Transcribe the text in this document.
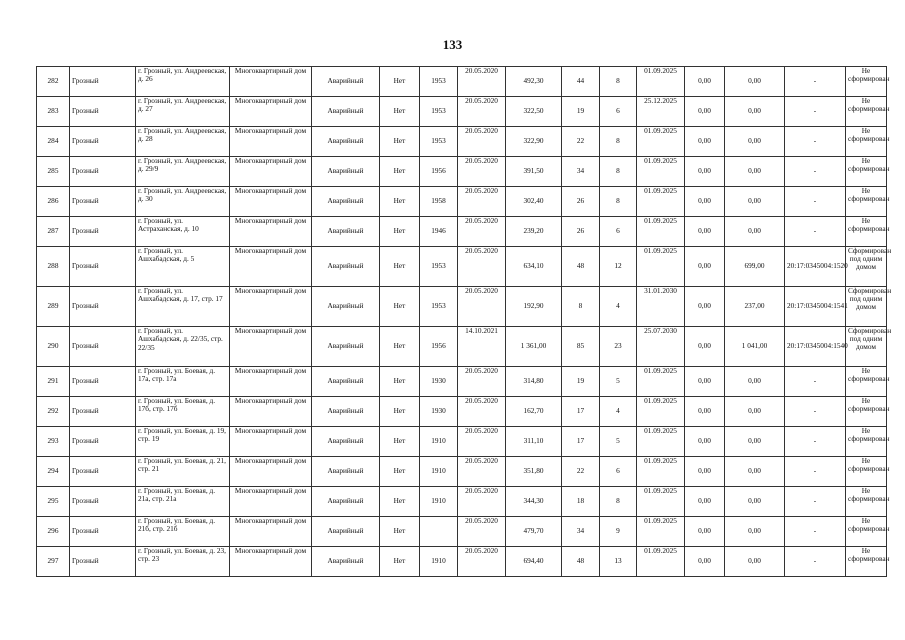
133
282	Грозный	г. Грозный, ул. Андреевская, д. 26	Многоквартирный дом	Аварийный	Нет	1953	20.05.2020	492,30	44	8	01.09.2025	0,00	0,00	-	Не сформирован
283	Грозный	г. Грозный, ул. Андреевская, д. 27	Многоквартирный дом	Аварийный	Нет	1953	20.05.2020	322,50	19	6	25.12.2025	0,00	0,00	-	Не сформирован
284	Грозный	г. Грозный, ул. Андреевская, д. 28	Многоквартирный дом	Аварийный	Нет	1953	20.05.2020	322,90	22	8	01.09.2025	0,00	0,00	-	Не сформирован
285	Грозный	г. Грозный, ул. Андреевская, д. 29/9	Многоквартирный дом	Аварийный	Нет	1956	20.05.2020	391,50	34	8	01.09.2025	0,00	0,00	-	Не сформирован
286	Грозный	г. Грозный, ул. Андреевская, д. 30	Многоквартирный дом	Аварийный	Нет	1958	20.05.2020	302,40	26	8	01.09.2025	0,00	0,00	-	Не сформирован
287	Грозный	г. Грозный, ул. Астраханская, д. 10	Многоквартирный дом	Аварийный	Нет	1946	20.05.2020	239,20	26	6	01.09.2025	0,00	0,00	-	Не сформирован
288	Грозный	г. Грозный, ул. Ашхабадская, д. 5	Многоквартирный дом	Аварийный	Нет	1953	20.05.2020	634,10	48	12	01.09.2025	0,00	699,00	20:17:0345004:1520	Сформирован под одним домом
289	Грозный	г. Грозный, ул. Ашхабадская, д. 17, стр. 17	Многоквартирный дом	Аварийный	Нет	1953	20.05.2020	192,90	8	4	31.01.2030	0,00	237,00	20:17:0345004:1541	Сформирован под одним домом
290	Грозный	г. Грозный, ул. Ашхабадская, д. 22/35, стр. 22/35	Многоквартирный дом	Аварийный	Нет	1956	14.10.2021	1 361,00	85	23	25.07.2030	0,00	1 041,00	20:17:0345004:1540	Сформирован под одним домом
291	Грозный	г. Грозный, ул. Боевая, д. 17а, стр. 17а	Многоквартирный дом	Аварийный	Нет	1930	20.05.2020	314,80	19	5	01.09.2025	0,00	0,00	-	Не сформирован
292	Грозный	г. Грозный, ул. Боевая, д. 17б, стр. 17б	Многоквартирный дом	Аварийный	Нет	1930	20.05.2020	162,70	17	4	01.09.2025	0,00	0,00	-	Не сформирован
293	Грозный	г. Грозный, ул. Боевая, д. 19, стр. 19	Многоквартирный дом	Аварийный	Нет	1910	20.05.2020	311,10	17	5	01.09.2025	0,00	0,00	-	Не сформирован
294	Грозный	г. Грозный, ул. Боевая, д. 21, стр. 21	Многоквартирный дом	Аварийный	Нет	1910	20.05.2020	351,80	22	6	01.09.2025	0,00	0,00	-	Не сформирован
295	Грозный	г. Грозный, ул. Боевая, д. 21а, стр. 21а	Многоквартирный дом	Аварийный	Нет	1910	20.05.2020	344,30	18	8	01.09.2025	0,00	0,00	-	Не сформирован
296	Грозный	г. Грозный, ул. Боевая, д. 21б, стр. 21б	Многоквартирный дом	Аварийный	Нет		20.05.2020	479,70	34	9	01.09.2025	0,00	0,00	-	Не сформирован
297	Грозный	г. Грозный, ул. Боевая, д. 23, стр. 23	Многоквартирный дом	Аварийный	Нет	1910	20.05.2020	694,40	48	13	01.09.2025	0,00	0,00	-	Не сформирован
